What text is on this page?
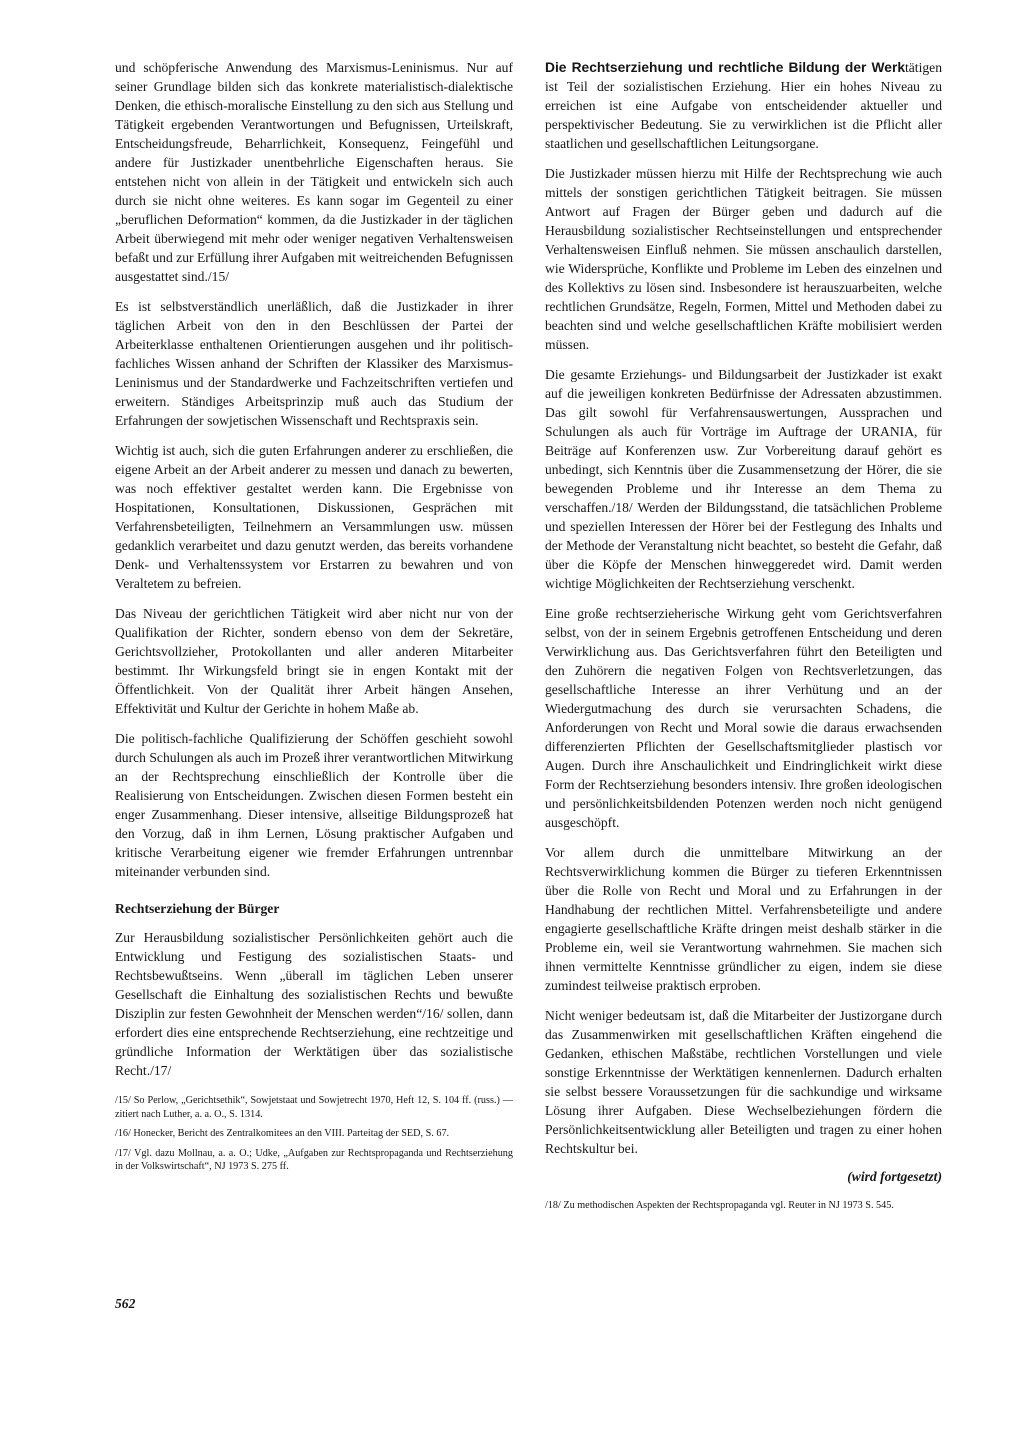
und schöpferische Anwendung des Marxismus-Leninismus. Nur auf seiner Grundlage bilden sich das konkrete materialistisch-dialektische Denken, die ethisch-moralische Einstellung zu den sich aus Stellung und Tätigkeit ergebenden Verantwortungen und Befugnissen, Urteilskraft, Entscheidungsfreude, Beharrlichkeit, Konsequenz, Feingefühl und andere für Justizkader unentbehrliche Eigenschaften heraus. Sie entstehen nicht von allein in der Tätigkeit und entwickeln sich auch durch sie nicht ohne weiteres. Es kann sogar im Gegenteil zu einer „beruflichen Deformation“ kommen, da die Justizkader in der täglichen Arbeit überwiegend mit mehr oder weniger negativen Verhaltensweisen befaßt und zur Erfüllung ihrer Aufgaben mit weitreichenden Befugnissen ausgestattet sind./15/

Es ist selbstverständlich unerläßlich, daß die Justizkader in ihrer täglichen Arbeit von den in den Beschlüssen der Partei der Arbeiterklasse enthaltenen Orientierungen ausgehen und ihr politisch-fachliches Wissen anhand der Schriften der Klassiker des Marxismus-Leninismus und der Standardwerke und Fachzeitschriften vertiefen und erweitern. Ständiges Arbeitsprinzip muß auch das Studium der Erfahrungen der sowjetischen Wissenschaft und Rechtspraxis sein.

Wichtig ist auch, sich die guten Erfahrungen anderer zu erschließen, die eigene Arbeit an der Arbeit anderer zu messen und danach zu bewerten, was noch effektiver gestaltet werden kann. Die Ergebnisse von Hospitationen, Konsultationen, Diskussionen, Gesprächen mit Verfahrensbeteiligten, Teilnehmern an Versammlungen usw. müssen gedanklich verarbeitet und dazu genutzt werden, das bereits vorhandene Denk- und Verhaltenssystem vor Erstarren zu bewahren und von Veraltetem zu befreien.

Das Niveau der gerichtlichen Tätigkeit wird aber nicht nur von der Qualifikation der Richter, sondern ebenso von dem der Sekretäre, Gerichtsvollzieher, Protokollanten und aller anderen Mitarbeiter bestimmt. Ihr Wirkungsfeld bringt sie in engen Kontakt mit der Öffentlichkeit. Von der Qualität ihrer Arbeit hängen Ansehen, Effektivität und Kultur der Gerichte in hohem Maße ab.

Die politisch-fachliche Qualifizierung der Schöffen geschieht sowohl durch Schulungen als auch im Prozeß ihrer verantwortlichen Mitwirkung an der Rechtsprechung einschließlich der Kontrolle über die Realisierung von Entscheidungen. Zwischen diesen Formen besteht ein enger Zusammenhang. Dieser intensive, allseitige Bildungsprozeß hat den Vorzug, daß in ihm Lernen, Lösung praktischer Aufgaben und kritische Verarbeitung eigener wie fremder Erfahrungen untrennbar miteinander verbunden sind.

Rechtserziehung der Bürger

Zur Herausbildung sozialistischer Persönlichkeiten gehört auch die Entwicklung und Festigung des sozialistischen Staats- und Rechtsbewußtseins. Wenn „überall im täglichen Leben unserer Gesellschaft die Einhaltung des sozialistischen Rechts und bewußte Disziplin zur festen Gewohnheit der Menschen werden“/16/ sollen, dann erfordert dies eine entsprechende Rechtserziehung, eine rechtzeitige und gründliche Information der Werktätigen über das sozialistische Recht./17/

/15/ So Perlow, „Gerichtsethik“, Sowjetstaat und Sowjetrecht 1970, Heft 12, S. 104 ff. (russ.) — zitiert nach Luther, a. a. O., S. 1314.

/16/ Honecker, Bericht des Zentralkomitees an den VIII. Parteitag der SED, S. 67.

/17/ Vgl. dazu Mollnau, a. a. O.; Udke, „Aufgaben zur Rechtspropaganda und Rechtserziehung in der Volkswirtschaft“, NJ 1973 S. 275 ff.

Die Rechtserziehung und rechtliche Bildung der Werktätigen ist Teil der sozialistischen Erziehung. Hier ein hohes Niveau zu erreichen ist eine Aufgabe von entscheidender aktueller und perspektivischer Bedeutung. Sie zu verwirklichen ist die Pflicht aller staatlichen und gesellschaftlichen Leitungsorgane.

Die Justizkader müssen hierzu mit Hilfe der Rechtsprechung wie auch mittels der sonstigen gerichtlichen Tätigkeit beitragen. Sie müssen Antwort auf Fragen der Bürger geben und dadurch auf die Herausbildung sozialistischer Rechtseinstellungen und entsprechender Verhaltensweisen Einfluß nehmen. Sie müssen anschaulich darstellen, wie Widersprüche, Konflikte und Probleme im Leben des einzelnen und des Kollektivs zu lösen sind. Insbesondere ist herauszuarbeiten, welche rechtlichen Grundsätze, Regeln, Formen, Mittel und Methoden dabei zu beachten sind und welche gesellschaftlichen Kräfte mobilisiert werden müssen.

Die gesamte Erziehungs- und Bildungsarbeit der Justizkader ist exakt auf die jeweiligen konkreten Bedürfnisse der Adressaten abzustimmen. Das gilt sowohl für Verfahrensauswertungen, Aussprachen und Schulungen als auch für Vorträge im Auftrage der URANIA, für Beiträge auf Konferenzen usw. Zur Vorbereitung darauf gehört es unbedingt, sich Kenntnis über die Zusammensetzung der Hörer, die sie bewegenden Probleme und ihr Interesse an dem Thema zu verschaffen./18/ Werden der Bildungsstand, die tatsächlichen Probleme und speziellen Interessen der Hörer bei der Festlegung des Inhalts und der Methode der Veranstaltung nicht beachtet, so besteht die Gefahr, daß über die Köpfe der Menschen hinweggeredet wird. Damit werden wichtige Möglichkeiten der Rechtserziehung verschenkt.

Eine große rechtserzieherische Wirkung geht vom Gerichtsverfahren selbst, von der in seinem Ergebnis getroffenen Entscheidung und deren Verwirklichung aus. Das Gerichtsverfahren führt den Beteiligten und den Zuhörern die negativen Folgen von Rechtsverletzungen, das gesellschaftliche Interesse an ihrer Verhütung und an der Wiedergutmachung des durch sie verursachten Schadens, die Anforderungen von Recht und Moral sowie die daraus erwachsenden differenzierten Pflichten der Gesellschaftsmitglieder plastisch vor Augen. Durch ihre Anschaulichkeit und Eindringlichkeit wirkt diese Form der Rechtserziehung besonders intensiv. Ihre großen ideologischen und persönlichkeitsbildenden Potenzen werden noch nicht genügend ausgeschöpft.

Vor allem durch die unmittelbare Mitwirkung an der Rechtsverwirklichung kommen die Bürger zu tieferen Erkenntnissen über die Rolle von Recht und Moral und zu Erfahrungen in der Handhabung der rechtlichen Mittel. Verfahrensbeteiligte und andere engagierte gesellschaftliche Kräfte dringen meist deshalb stärker in die Probleme ein, weil sie Verantwortung wahrnehmen. Sie machen sich ihnen vermittelte Kenntnisse gründlicher zu eigen, indem sie diese zumindest teilweise praktisch erproben.

Nicht weniger bedeutsam ist, daß die Mitarbeiter der Justizorgane durch das Zusammenwirken mit gesellschaftlichen Kräften eingehend die Gedanken, ethischen Maßstäbe, rechtlichen Vorstellungen und viele sonstige Erkenntnisse der Werktätigen kennenlernen. Dadurch erhalten sie selbst bessere Voraussetzungen für die sachkundige und wirksame Lösung ihrer Aufgaben. Diese Wechselbeziehungen fördern die Persönlichkeitsentwicklung aller Beteiligten und tragen zu einer hohen Rechtskultur bei.

(wird fortgesetzt)

/18/ Zu methodischen Aspekten der Rechtspropaganda vgl. Reuter in NJ 1973 S. 545.

562
